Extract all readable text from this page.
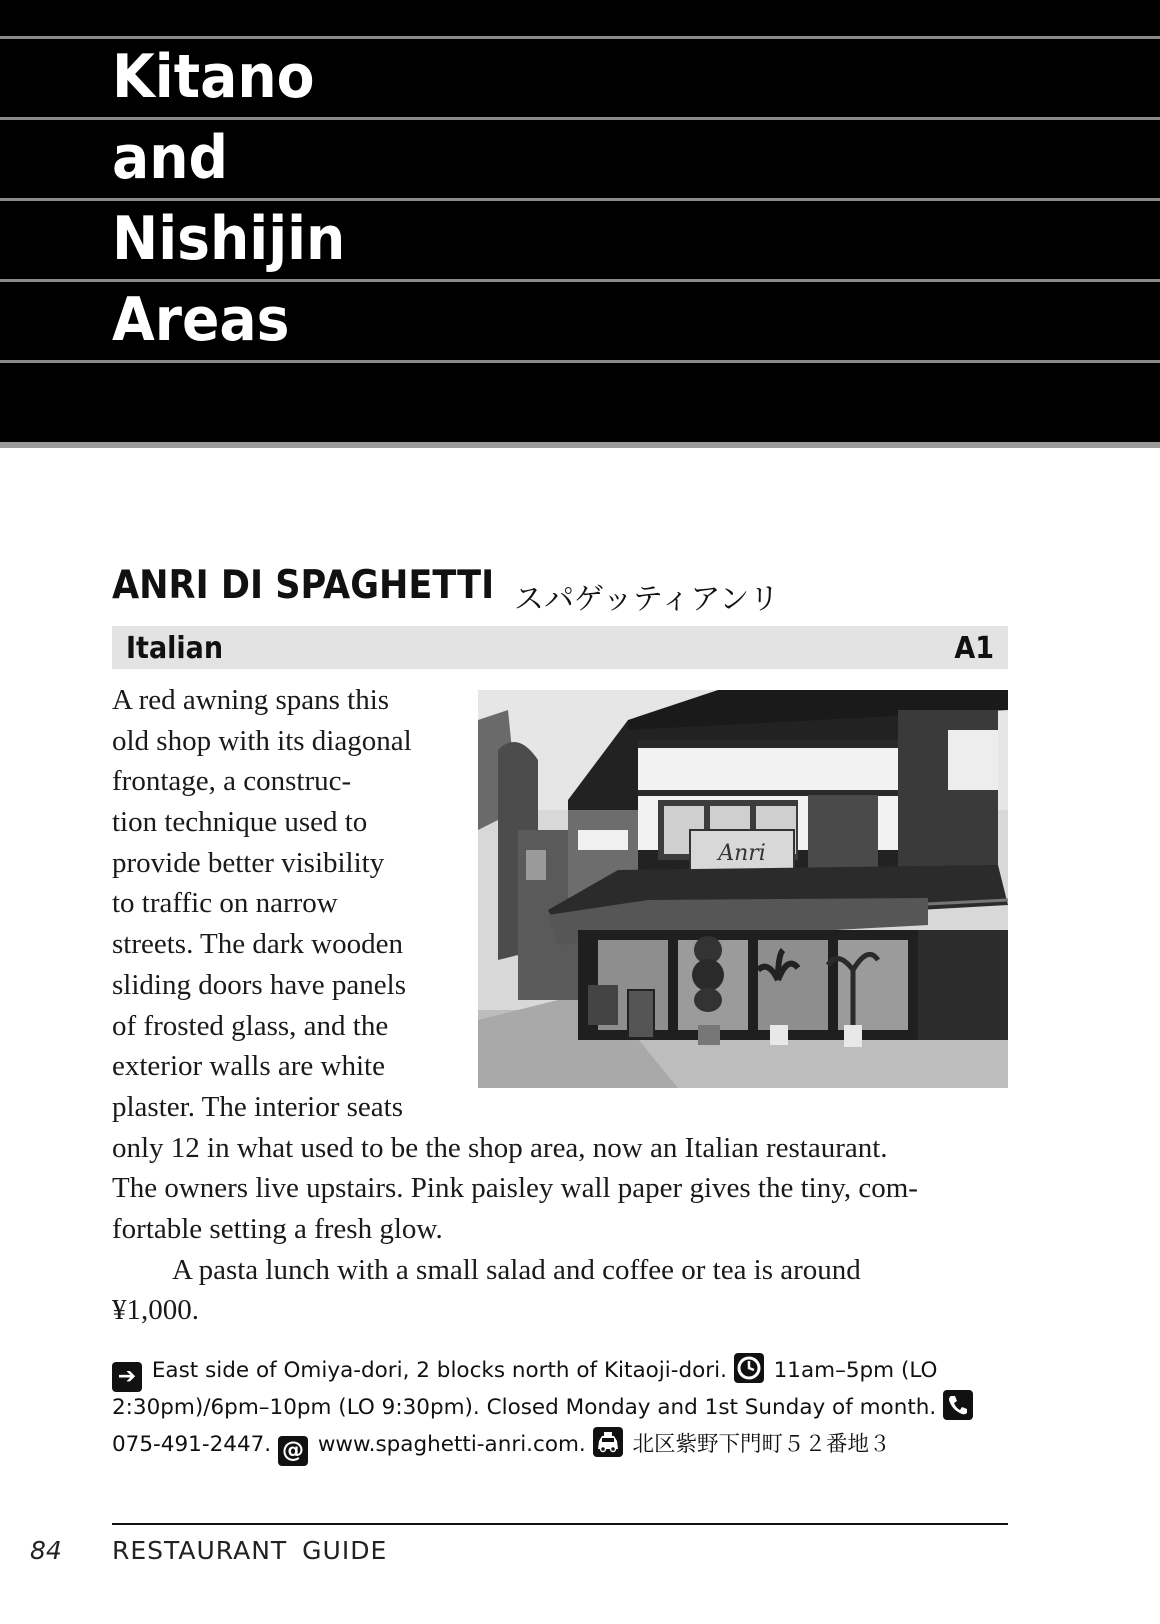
Kitano
and
Nishijin
Areas
ANRI DI SPAGHETTI スパゲッティアンリ
Italian	A1
A red awning spans this
old shop with its diagonal
frontage, a construc-
tion technique used to
provide better visibility
to traffic on narrow
streets. The dark wooden
sliding doors have panels
of frosted glass, and the
exterior walls are white
plaster. The interior seats
only 12 in what used to be the shop area, now an Italian restaurant.
The owners live upstairs. Pink paisley wall paper gives the tiny, com-
fortable setting a fresh glow.
A pasta lunch with a small salad and coffee or tea is around
¥1,000.
Anri
➔ East side of Omiya-dori, 2 blocks north of Kitaoji-dori. 11am–5pm (LO
2:30pm)/6pm–10pm (LO 9:30pm). Closed Monday and 1st Sunday of month.
075-491-2447. @ www.spaghetti-anri.com. 北区紫野下門町５２番地３
84 RESTAURANT GUIDE
